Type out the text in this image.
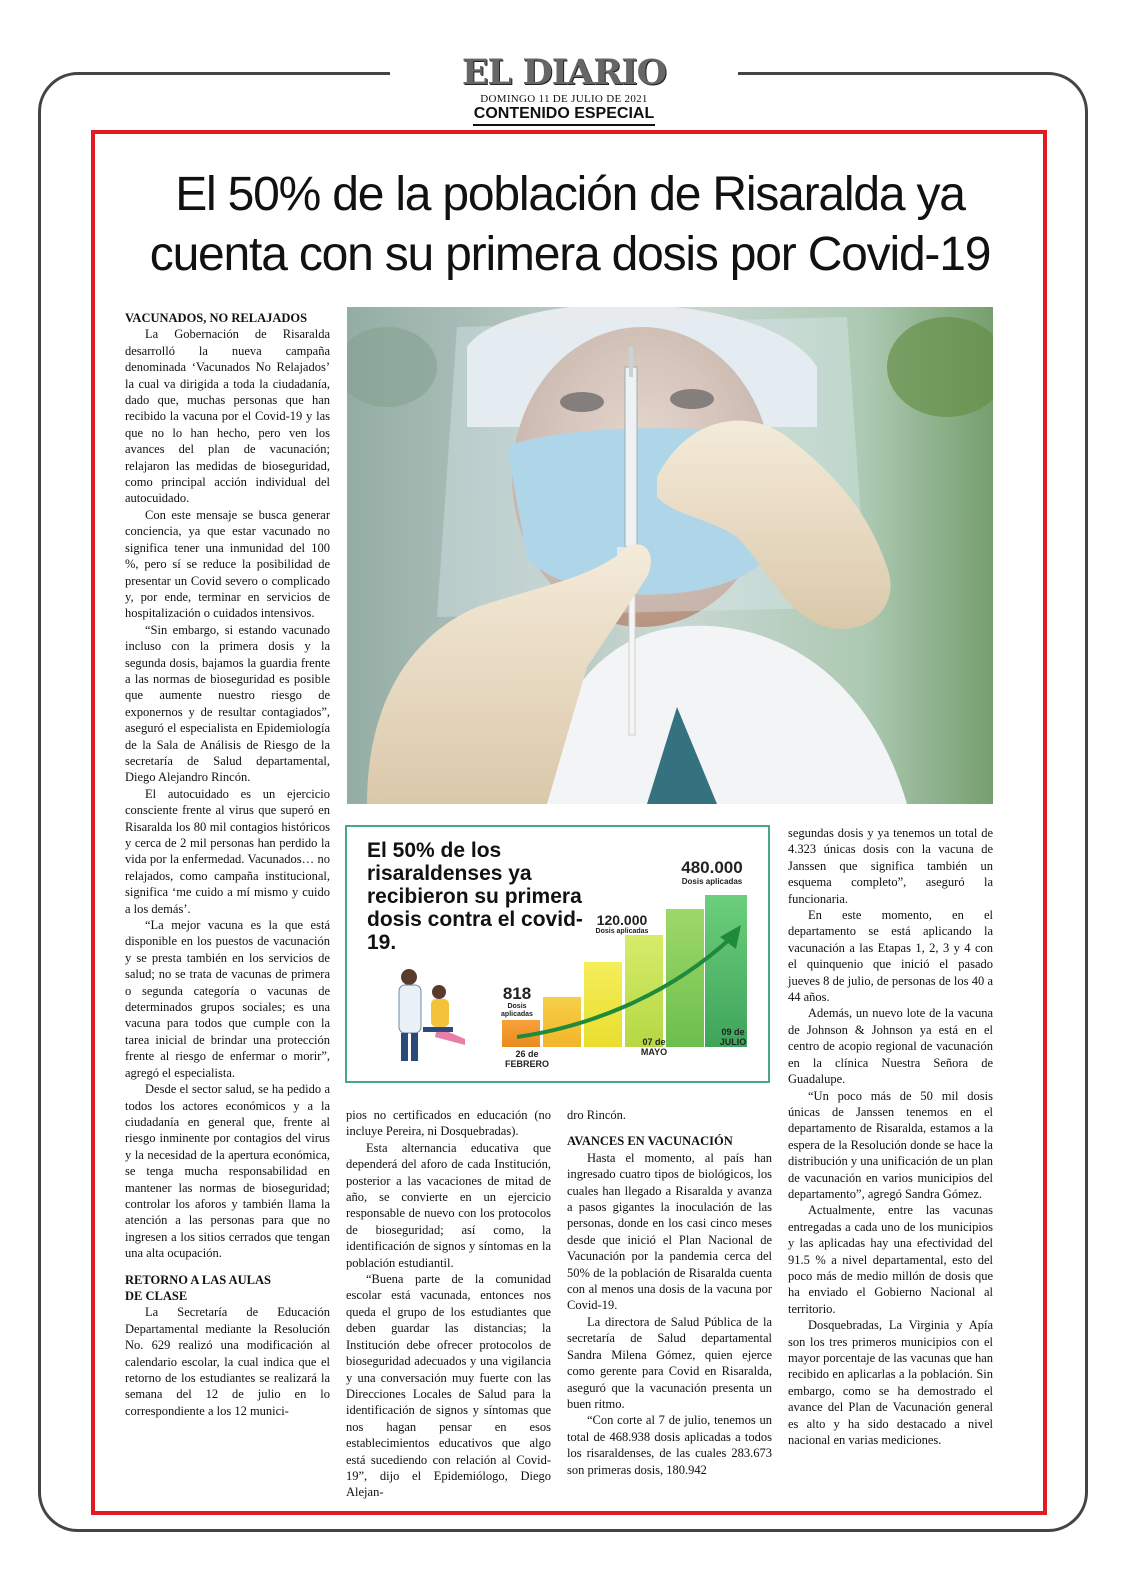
EL DIARIO
DOMINGO 11 DE JULIO DE 2021
CONTENIDO ESPECIAL
El 50% de la población de Risaralda ya
cuenta con su primera dosis por Covid-19

VACUNADOS, NO RELAJADOS

La Gobernación de Risaralda desarrolló la nueva campaña denominada ‘Vacunados No Relajados’ la cual va dirigida a toda la ciudadanía, dado que, muchas personas que han recibido la vacuna por el Covid-19 y las que no lo han hecho, pero ven los avances del plan de vacunación; relajaron las medidas de bioseguridad, como principal acción individual del autocuidado.

Con este mensaje se busca generar conciencia, ya que estar vacunado no significa tener una inmunidad del 100 %, pero sí se reduce la posibilidad de presentar un Covid severo o complicado y, por ende, terminar en servicios de hospitalización o cuidados intensivos.

“Sin embargo, si estando vacunado incluso con la primera dosis y la segunda dosis, bajamos la guardia frente a las normas de bioseguridad es posible que aumente nuestro riesgo de exponernos y de resultar contagiados”, aseguró el especialista en Epidemiología de la Sala de Análisis de Riesgo de la secretaría de Salud departamental, Diego Alejandro Rincón.

El autocuidado es un ejercicio consciente frente al virus que superó en Risaralda los 80 mil contagios históricos y cerca de 2 mil personas han perdido la vida por la enfermedad. Vacunados… no relajados, como campaña institucional, significa ‘me cuido a mí mismo y cuido a los demás’.

“La mejor vacuna es la que está disponible en los puestos de vacunación y se presta también en los servicios de salud; no se trata de vacunas de primera o segunda categoría o vacunas de determinados grupos sociales; es una vacuna para todos que cumple con la tarea inicial de brindar una protección frente al riesgo de enfermar o morir”, agregó el especialista.

Desde el sector salud, se ha pedido a todos los actores económicos y a la ciudadanía en general que, frente al riesgo inminente por contagios del virus y la necesidad de la apertura económica, se tenga mucha responsabilidad en mantener las normas de bioseguridad; controlar los aforos y también llama la atención a las personas para que no ingresen a los sitios cerrados que tengan una alta ocupación.

RETORNO A LAS AULAS
DE CLASE

La Secretaría de Educación Departamental mediante la Resolución No. 629 realizó una modificación al calendario escolar, la cual indica que el retorno de los estudiantes se realizará la semana del 12 de julio en lo correspondiente a los 12 munici-

El 50% de los risaraldenses ya recibieron su primera dosis contra el covid-19.
818
Dosis aplicadas
26 de
FEBRERO
120.000
Dosis aplicadas
07 de
MAYO
480.000
Dosis aplicadas
09 de
JULIO

pios no certificados en educación (no incluye Pereira, ni Dosquebradas).

Esta alternancia educativa que dependerá del aforo de cada Institución, posterior a las vacaciones de mitad de año, se convierte en un ejercicio responsable de nuevo con los protocolos de bioseguridad; así como, la identificación de signos y síntomas en la población estudiantil.

“Buena parte de la comunidad escolar está vacunada, entonces nos queda el grupo de los estudiantes que deben guardar las distancias; la Institución debe ofrecer protocolos de bioseguridad adecuados y una vigilancia y una conversación muy fuerte con las Direcciones Locales de Salud para la identificación de signos y síntomas que nos hagan pensar en esos establecimientos educativos que algo está sucediendo con relación al Covid-19”, dijo el Epidemiólogo, Diego Alejan-

dro Rincón.

AVANCES EN VACUNACIÓN

Hasta el momento, al país han ingresado cuatro tipos de biológicos, los cuales han llegado a Risaralda y avanza a pasos gigantes la inoculación de las personas, donde en los casi cinco meses desde que inició el Plan Nacional de Vacunación por la pandemia cerca del 50% de la población de Risaralda cuenta con al menos una dosis de la vacuna por Covid-19.

La directora de Salud Pública de la secretaría de Salud departamental Sandra Milena Gómez, quien ejerce como gerente para Covid en Risaralda, aseguró que la vacunación presenta un buen ritmo.

“Con corte al 7 de julio, tenemos un total de 468.938 dosis aplicadas a todos los risaraldenses, de las cuales 283.673 son primeras dosis, 180.942

segundas dosis y ya tenemos un total de 4.323 únicas dosis con la vacuna de Janssen que significa también un esquema completo”, aseguró la funcionaria.

En este momento, en el departamento se está aplicando la vacunación a las Etapas 1, 2, 3 y 4 con el quinquenio que inició el pasado jueves 8 de julio, de personas de los 40 a 44 años.

Además, un nuevo lote de la vacuna de Johnson & Johnson ya está en el centro de acopio regional de vacunación en la clínica Nuestra Señora de Guadalupe.

“Un poco más de 50 mil dosis únicas de Janssen tenemos en el departamento de Risaralda, estamos a la espera de la Resolución donde se hace la distribución y una unificación de un plan de vacunación en varios municipios del departamento”, agregó Sandra Gómez.

Actualmente, entre las vacunas entregadas a cada uno de los municipios y las aplicadas hay una efectividad del 91.5 % a nivel departamental, esto del poco más de medio millón de dosis que ha enviado el Gobierno Nacional al territorio.

Dosquebradas, La Virginia y Apía son los tres primeros municipios con el mayor porcentaje de las vacunas que han recibido en aplicarlas a la población. Sin embargo, como se ha demostrado el avance del Plan de Vacunación general es alto y ha sido destacado a nivel nacional en varias mediciones.
